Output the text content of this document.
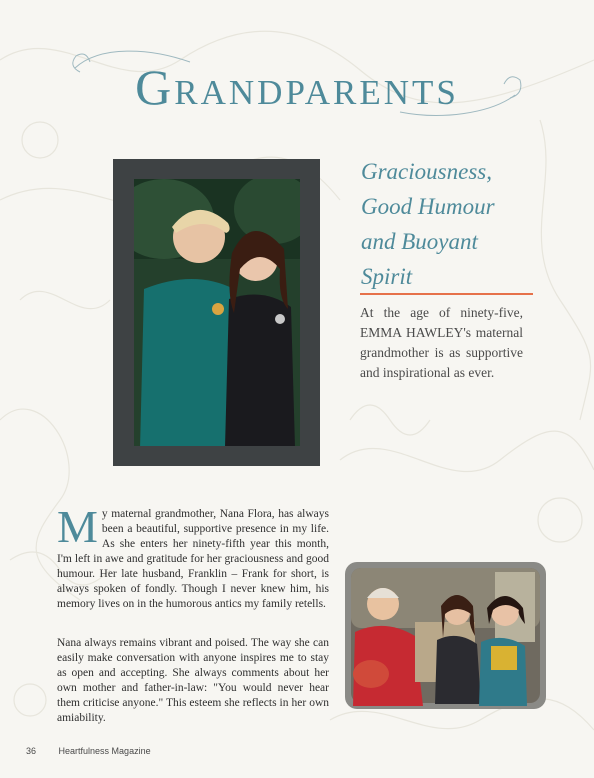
Grandparents
Graciousness,
Good Humour
and Buoyant
Spirit

At the age of ninety-five, EMMA HAWLEY's maternal grandmother is as supportive and inspirational as ever.

My maternal grandmother, Nana Flora, has always been a beautiful, supportive presence in my life. As she enters her ninety-fifth year this month, I'm left in awe and gratitude for her graciousness and good humour. Her late husband, Franklin – Frank for short, is always spoken of fondly. Though I never knew him, his memory lives on in the humorous antics my family retells.

Nana always remains vibrant and poised. The way she can easily make conversation with anyone inspires me to stay as open and accepting. She always comments about her own mother and father-in-law: "You would never hear them criticise anyone." This esteem she reflects in her own amiability.

36	Heartfulness Magazine
